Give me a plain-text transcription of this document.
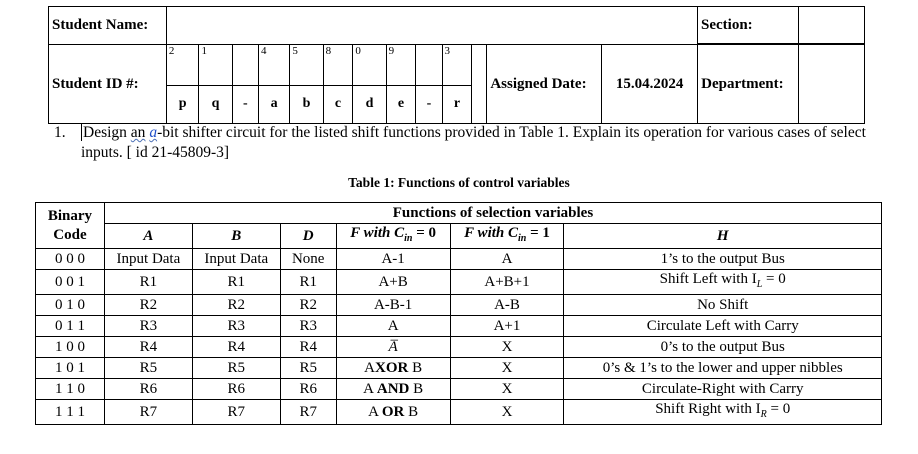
Student Name:	
Student ID #:	
2	1		4	5	8	0	9		3	
p	q	-	a	b	c	d	e	-	r	
	Assigned Date:	15.04.2024	Department:	
Section:
1. Design an a-bit shifter circuit for the listed shift functions provided in Table 1. Explain its operation for various cases of select inputs. [ id 21-45809-3]
Table 1: Functions of control variables
Binary
Code	Functions of selection variables					
	A	B	D	F with $C_{in} = 0$	F with $C_{in} = 1$	H
0 0 0	Input Data	Input Data	None	A-1	A	1’s to the output Bus
0 0 1	R1	R1	R1	A+B	A+B+1	Shift Left with $I_L = 0$
0 1 0	R2	R2	R2	A-B-1	A-B	No Shift
0 1 1	R3	R3	R3	A	A+1	Circulate Left with Carry
1 0 0	R4	R4	R4	A̅	X	0’s to the output Bus
1 0 1	R5	R5	R5	AXOR B	X	0’s & 1’s to the lower and upper nibbles
1 1 0	R6	R6	R6	A AND B	X	Circulate-Right with Carry
1 1 1	R7	R7	R7	A OR B	X	Shift Right with $I_R = 0$
